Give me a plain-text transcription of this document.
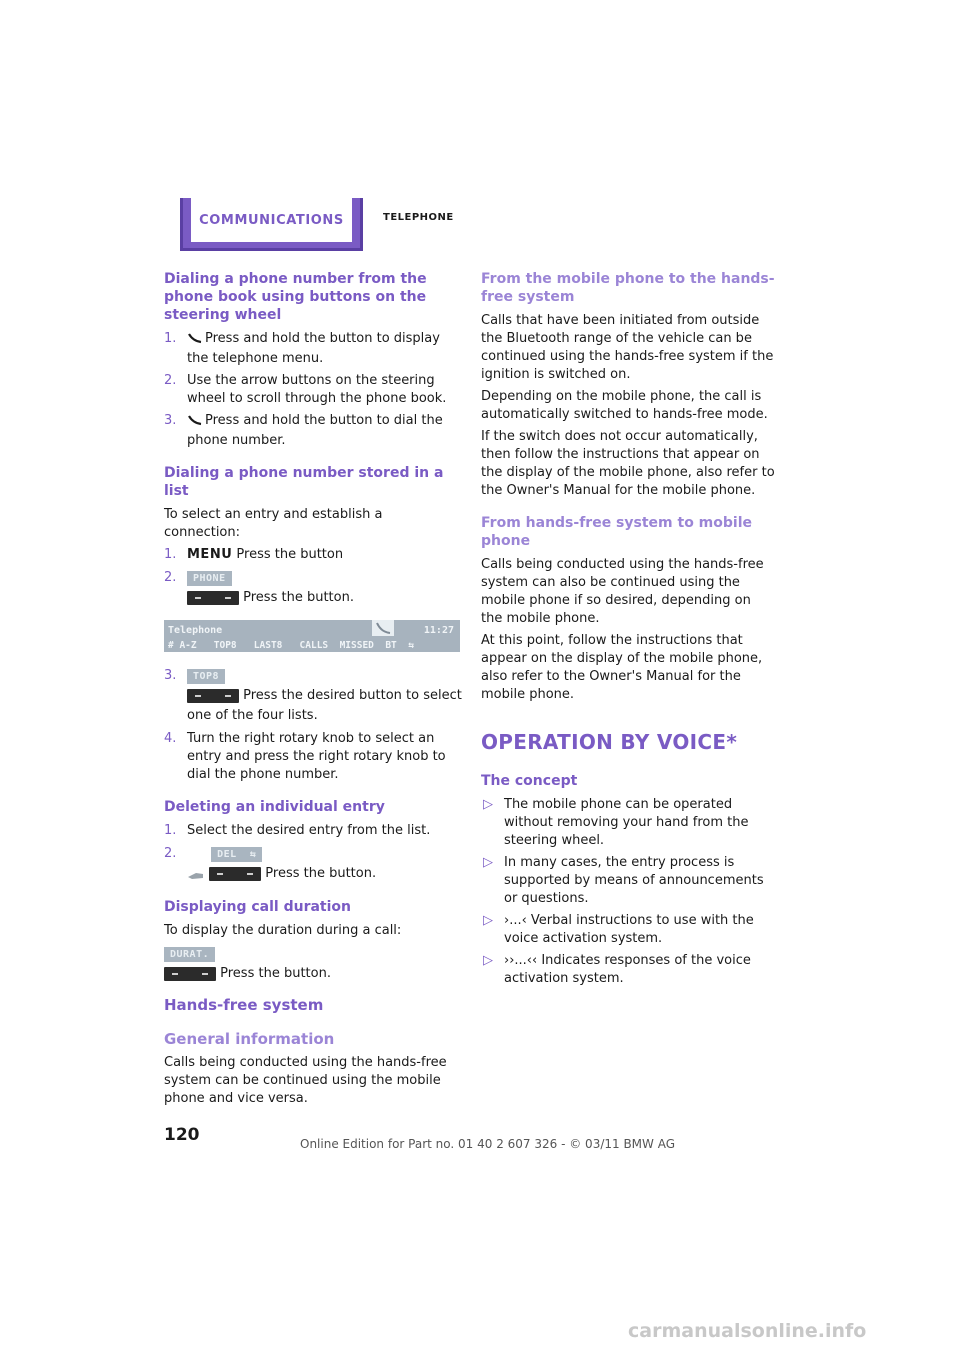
COMMUNICATIONS	TELEPHONE
Dialing a phone number from the phone book using buttons on the steering wheel
1. Press and hold the button to display the telephone menu.
2. Use the arrow buttons on the steering wheel to scroll through the phone book.
3. Press and hold the button to dial the phone number.
Dialing a phone number stored in a list

To select an entry and establish a connection:

1. MENU Press the button
2. PHONE
Press the button.
Telephone	11:27
# A-Z   TOP8   LAST8   CALLS  MISSED  BT  ⇆
3. TOP8
Press the desired button to select one of the four lists.
4. Turn the right rotary knob to select an entry and press the right rotary knob to dial the phone number.
Deleting an individual entry
1. Select the desired entry from the list.
2.	DEL  ⇆
Press the button.
Displaying call duration

To display the duration during a call:

DURAT.
Press the button.
Hands-free system
General information

Calls being conducted using the hands-free system can be continued using the mobile phone and vice versa.

From the mobile phone to the hands-free system

Calls that have been initiated from outside the Bluetooth range of the vehicle can be continued using the hands-free system if the ignition is switched on.

Depending on the mobile phone, the call is automatically switched to hands-free mode.

If the switch does not occur automatically, then follow the instructions that appear on the display of the mobile phone, also refer to the Owner's Manual for the mobile phone.

From hands-free system to mobile phone

Calls being conducted using the hands-free system can also be continued using the mobile phone if so desired, depending on the mobile phone.

At this point, follow the instructions that appear on the display of the mobile phone, also refer to the Owner's Manual for the mobile phone.

OPERATION BY VOICE*
The concept
▷ The mobile phone can be operated without removing your hand from the steering wheel.
▷ In many cases, the entry process is supported by means of announcements or questions.
▷ ›...‹ Verbal instructions to use with the voice activation system.
▷ ››...‹‹ Indicates responses of the voice activation system.
120	Online Edition for Part no. 01 40 2 607 326 - © 03/11 BMW AG
carmanualsonline.info
